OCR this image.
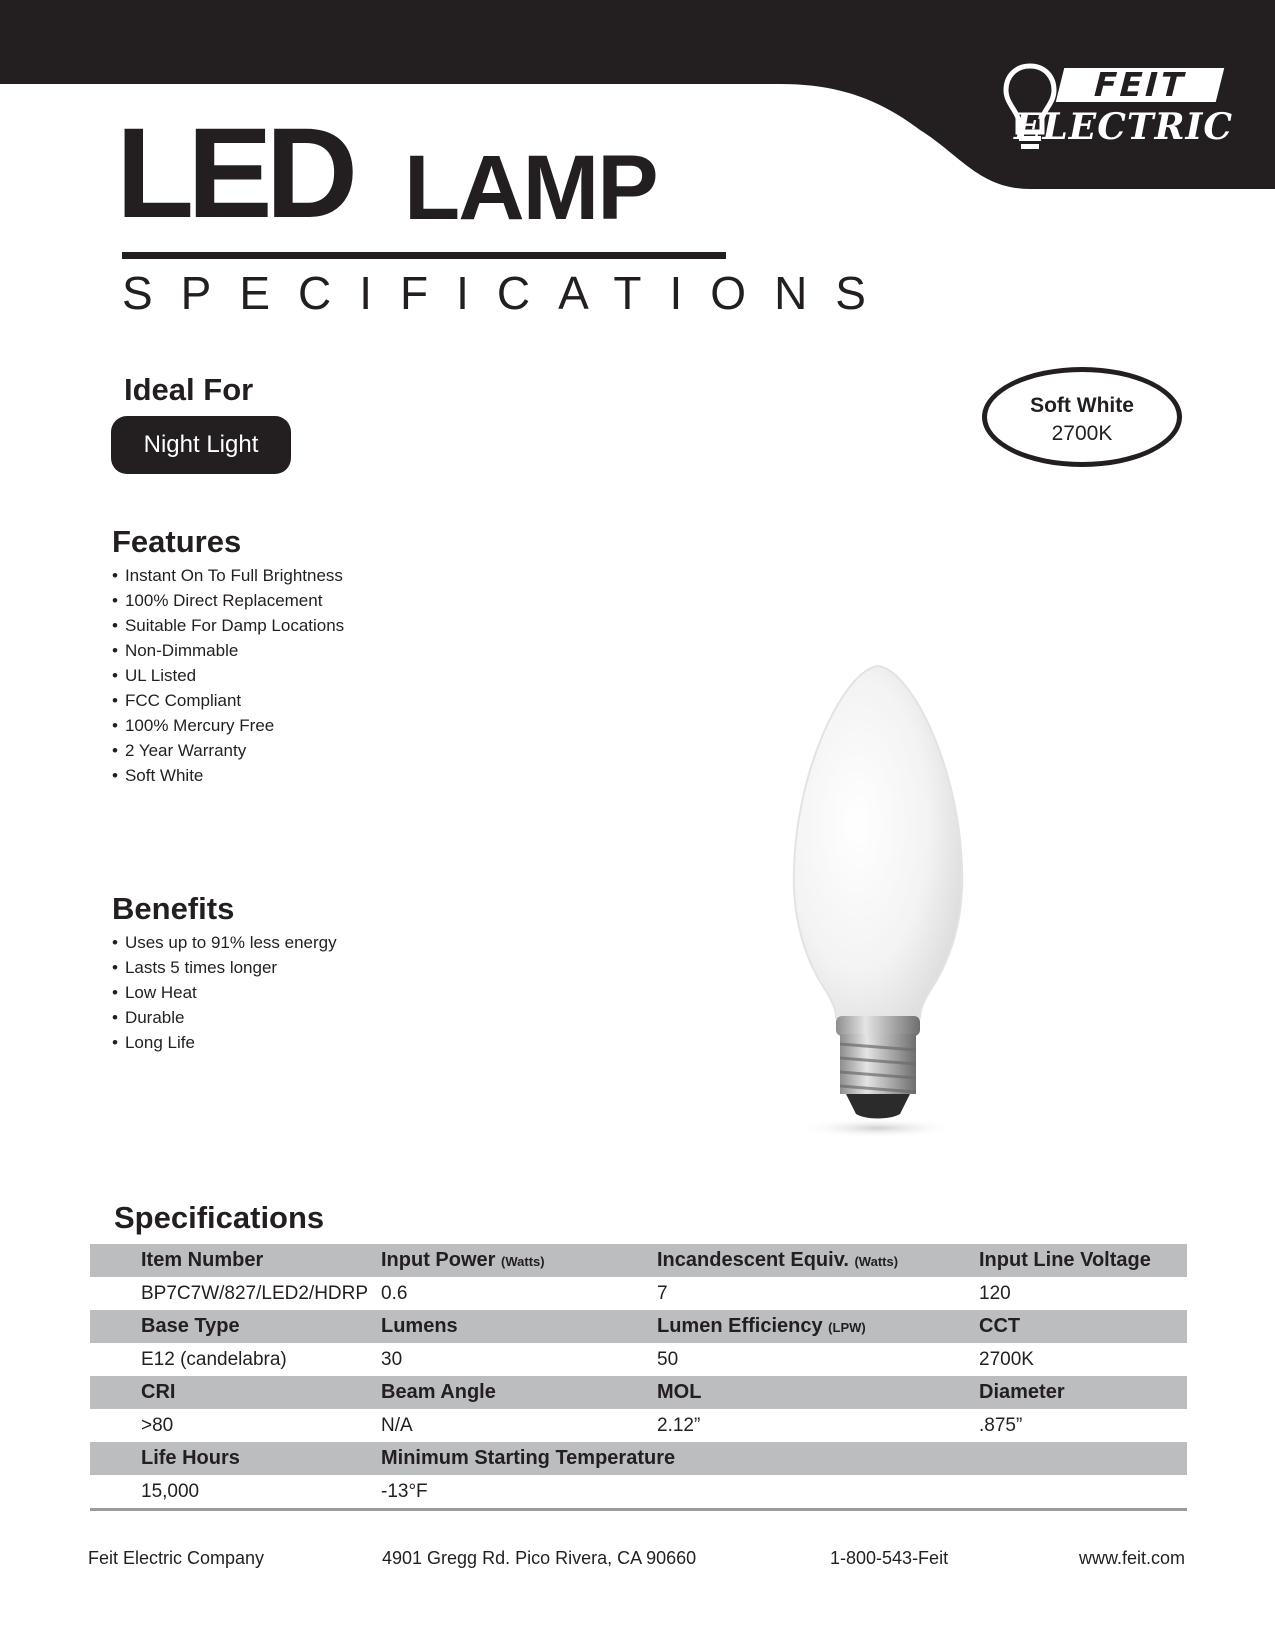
FEIT
ELECTRIC
LED LAMP
SPECIFICATIONS
Ideal For
Night Light
Soft White
2700K
Features
• Instant On To Full Brightness
• 100% Direct Replacement
• Suitable For Damp Locations
• Non-Dimmable
• UL Listed
• FCC Compliant
• 100% Mercury Free
• 2 Year Warranty
• Soft White
Benefits
• Uses up to 91% less energy
• Lasts 5 times longer
• Low Heat
• Durable
• Long Life
Specifications
Item Number	Input Power (Watts)	Incandescent Equiv. (Watts)	Input Line Voltage
BP7C7W/827/LED2/HDRP	0.6	7	120
Base Type	Lumens	Lumen Efficiency (LPW)	CCT
E12 (candelabra)	30	50	2700K
CRI	Beam Angle	MOL	Diameter
>80	N/A	2.12”	.875”
Life Hours	Minimum Starting Temperature		
15,000	-13°F		
Feit Electric Company	4901 Gregg Rd. Pico Rivera, CA 90660	1-800-543-Feit	www.feit.com
